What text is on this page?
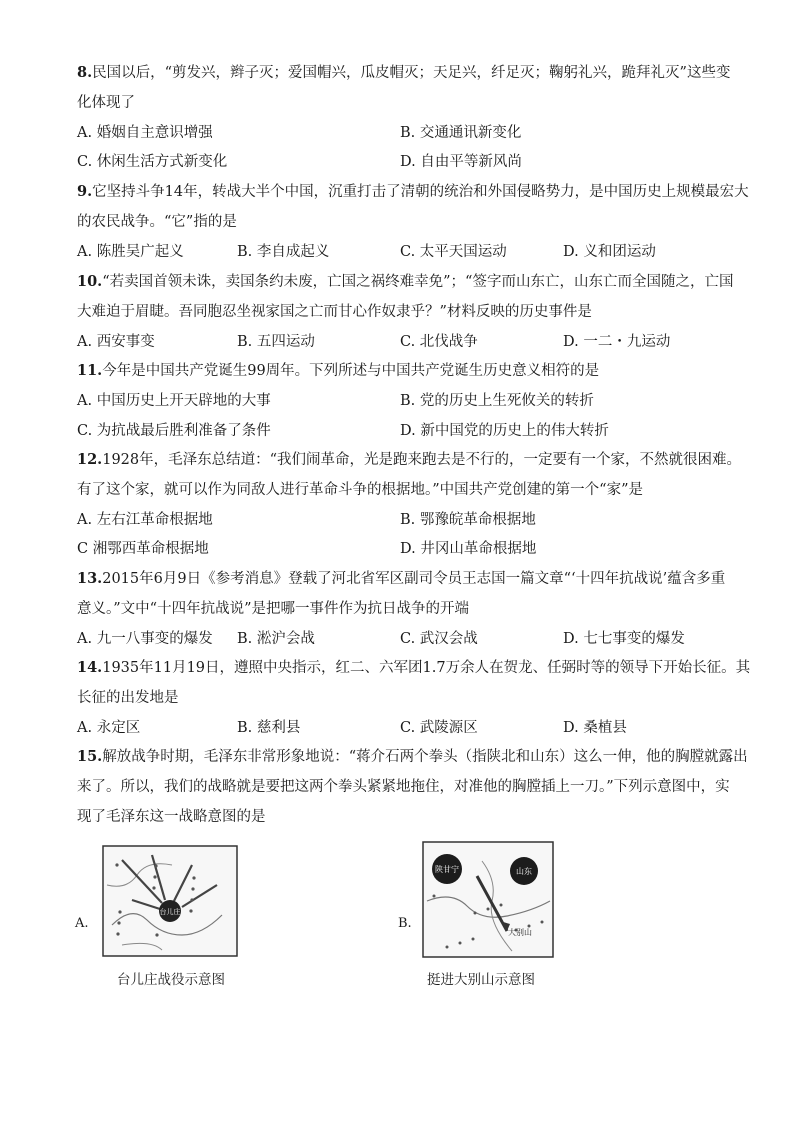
8.民国以后，“剪发兴，辫子灭；爱国帽兴，瓜皮帽灭；天足兴，纤足灭；鞠躬礼兴，跪拜礼灭”这些变
化体现了
A. 婚姻自主意识增强	B. 交通通讯新变化
C. 休闲生活方式新变化	D. 自由平等新风尚
9.它坚持斗争14年，转战大半个中国，沉重打击了清朝的统治和外国侵略势力，是中国历史上规模最宏大
的农民战争。“它”指的是
A. 陈胜吴广起义	B. 李自成起义	C. 太平天国运动	D. 义和团运动
10.“若卖国首领未诛，卖国条约未废，亡国之祸终难幸免”；“签字而山东亡，山东亡而全国随之，亡国
大难迫于眉睫。吾同胞忍坐视家国之亡而甘心作奴隶乎？”材料反映的历史事件是
A. 西安事变	B. 五四运动	C. 北伐战争	D. 一二・九运动
11.今年是中国共产党诞生99周年。下列所述与中国共产党诞生历史意义相符的是
A. 中国历史上开天辟地的大事	B. 党的历史上生死攸关的转折
C. 为抗战最后胜利准备了条件	D. 新中国党的历史上的伟大转折
12.1928年，毛泽东总结道：“我们闹革命，光是跑来跑去是不行的，一定要有一个家，不然就很困难。
有了这个家，就可以作为同敌人进行革命斗争的根据地。”中国共产党创建的第一个“家”是
A. 左右江革命根据地	B. 鄂豫皖革命根据地
C 湘鄂西革命根据地	D. 井冈山革命根据地
13.2015年6月9日《参考消息》登载了河北省军区副司令员王志国一篇文章“‘十四年抗战说’蕴含多重
意义。”文中“十四年抗战说”是把哪一事件作为抗日战争的开端
A. 九一八事变的爆发 B. 淞沪会战	C. 武汉会战	D. 七七事变的爆发
14.1935年11月19日，遵照中央指示，红二、六军团1.7万余人在贺龙、任弼时等的领导下开始长征。其
长征的出发地是
A. 永定区	B. 慈利县	C. 武陵源区	D. 桑植县
15.解放战争时期，毛泽东非常形象地说：“蒋介石两个拳头（指陕北和山东）这么一伸，他的胸膛就露出
来了。所以，我们的战略就是要把这两个拳头紧紧地拖住，对准他的胸膛插上一刀。”下列示意图中，实
现了毛泽东这一战略意图的是
A.
台儿庄
台儿庄战役示意图
B.
陕甘宁	山东
大别山
挺进大别山示意图
